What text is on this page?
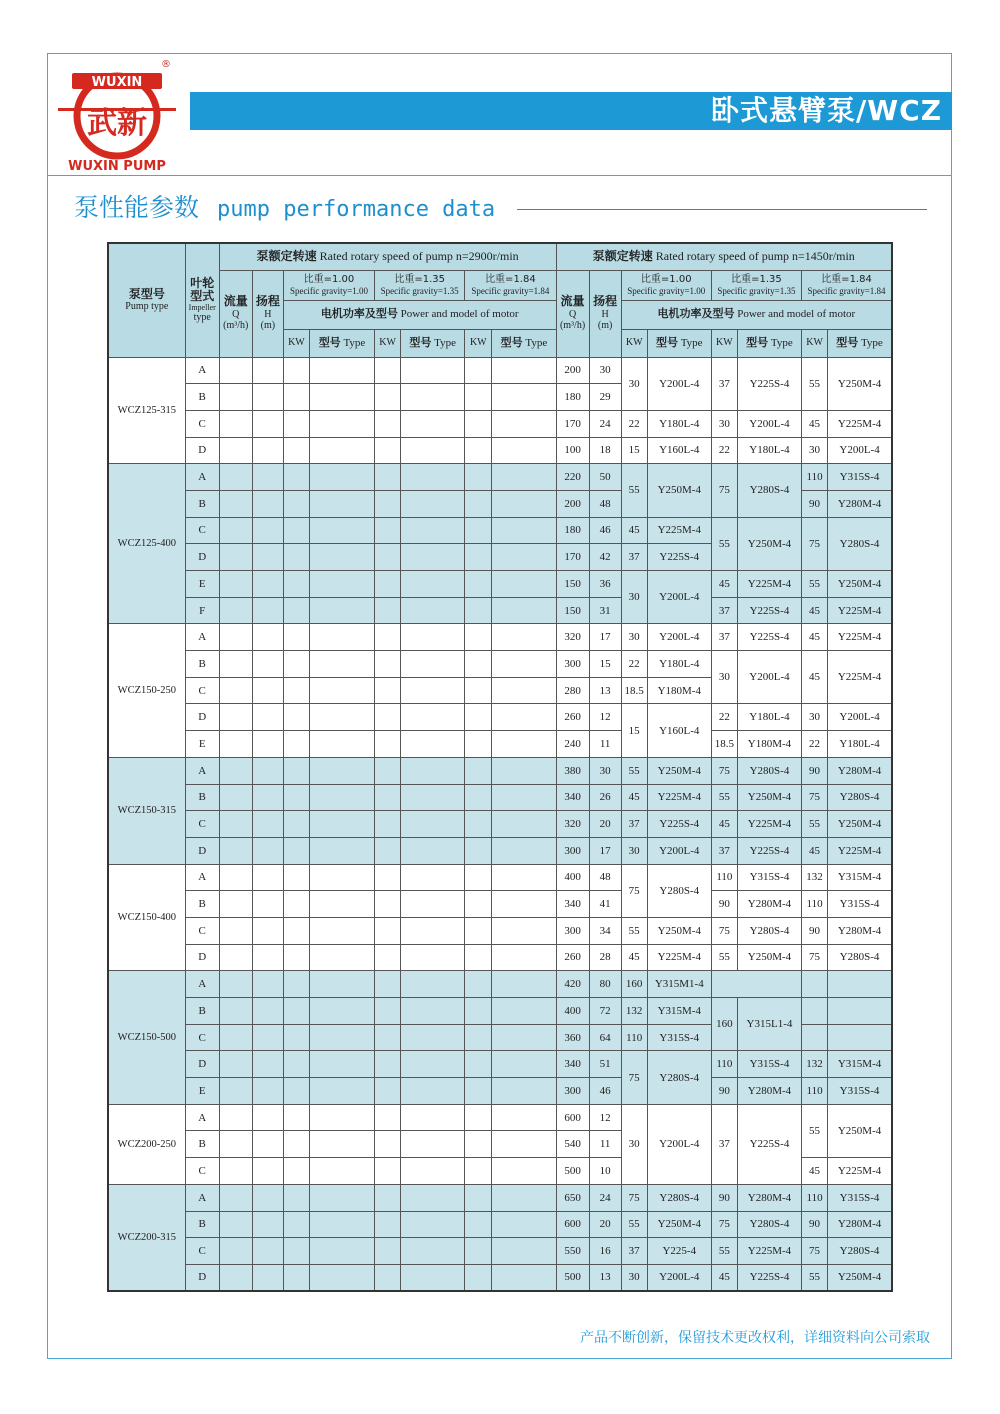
WUXIN
武新
®
WUXIN PUMP
卧式悬臂泵/WCZ
泵性能参数 pump performance data
泵型号
Pump type	叶轮型式
Impeller
type	泵额定转速 Rated rotary speed of pump n=2900r/min								泵额定转速 Rated rotary speed of pump n=1450r/min							

		流量
Q
(m³/h)	扬程
H
(m)	比重=1.00
Specific gravity=1.00		比重=1.35
Specific gravity=1.35		比重=1.84
Specific gravity=1.84		流量
Q
(m³/h)	扬程
H
(m)	比重=1.00
Specific gravity=1.00		比重=1.35
Specific gravity=1.35		比重=1.84
Specific gravity=1.84	
				电机功率及型号 Power and model of motor								电机功率及型号 Power and model of motor					
				KW	型号 Type	KW	型号 Type	KW	型号 Type			KW	型号 Type	KW	型号 Type	KW	型号 Type
WCZ125-315	A									200	30	30	Y200L-4	37	Y225S-4	55	Y250M-4
	B									180	29						
	C									170	24	22	Y180L-4	30	Y200L-4	45	Y225M-4
	D									100	18	15	Y160L-4	22	Y180L-4	30	Y200L-4
WCZ125-400	A									220	50	55	Y250M-4	75	Y280S-4	110	Y315S-4
	B									200	48					90	Y280M-4
	C									180	46	45	Y225M-4	55	Y250M-4	75	Y280S-4
	D									170	42	37	Y225S-4				
	E									150	36	30	Y200L-4	45	Y225M-4	55	Y250M-4
	F									150	31			37	Y225S-4	45	Y225M-4
WCZ150-250	A									320	17	30	Y200L-4	37	Y225S-4	45	Y225M-4
	B									300	15	22	Y180L-4	30	Y200L-4	45	Y225M-4
	C									280	13	18.5	Y180M-4				
	D									260	12	15	Y160L-4	22	Y180L-4	30	Y200L-4
	E									240	11			18.5	Y180M-4	22	Y180L-4
WCZ150-315	A									380	30	55	Y250M-4	75	Y280S-4	90	Y280M-4
	B									340	26	45	Y225M-4	55	Y250M-4	75	Y280S-4
	C									320	20	37	Y225S-4	45	Y225M-4	55	Y250M-4
	D									300	17	30	Y200L-4	37	Y225S-4	45	Y225M-4
WCZ150-400	A									400	48	75	Y280S-4	110	Y315S-4	132	Y315M-4
	B									340	41			90	Y280M-4	110	Y315S-4
	C									300	34	55	Y250M-4	75	Y280S-4	90	Y280M-4
	D									260	28	45	Y225M-4	55	Y250M-4	75	Y280S-4
WCZ150-500	A									420	80	160	Y315M1-4				
	B									400	72	132	Y315M-4	160	Y315L1-4		
	C									360	64	110	Y315S-4				
	D									340	51	75	Y280S-4	110	Y315S-4	132	Y315M-4
	E									300	46			90	Y280M-4	110	Y315S-4
WCZ200-250	A									600	12	30	Y200L-4	37	Y225S-4	55	Y250M-4
	B									540	11						
	C									500	10					45	Y225M-4
WCZ200-315	A									650	24	75	Y280S-4	90	Y280M-4	110	Y315S-4
	B									600	20	55	Y250M-4	75	Y280S-4	90	Y280M-4
	C									550	16	37	Y225-4	55	Y225M-4	75	Y280S-4
	D									500	13	30	Y200L-4	45	Y225S-4	55	Y250M-4
产品不断创新，保留技术更改权利，详细资料向公司索取
